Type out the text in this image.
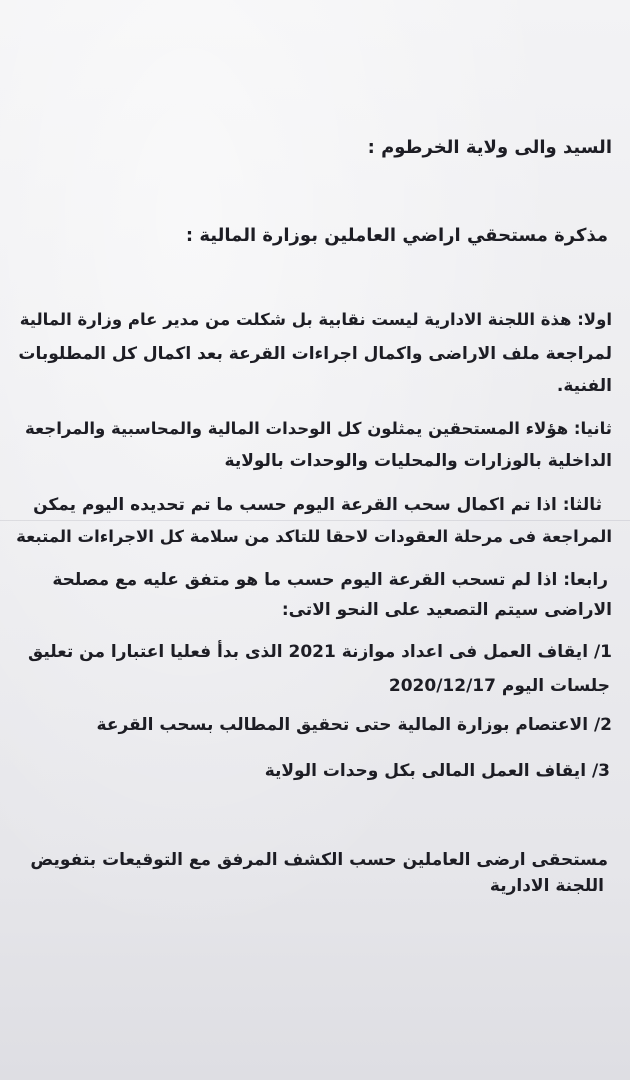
السيد والى ولاية الخرطوم :
مذكرة مستحقي اراضي العاملين بوزارة المالية :
اولا: هذة اللجنة الادارية ليست نقابية بل شكلت من مدير عام وزارة المالية
لمراجعة ملف الاراضى واكمال اجراءات القرعة بعد اكمال كل المطلوبات
الفنية.
ثانيا: هؤلاء المستحقين يمثلون كل الوحدات المالية والمحاسبية والمراجعة
الداخلية بالوزارات والمحليات والوحدات بالولاية
ثالثا: اذا تم اكمال سحب القرعة اليوم حسب ما تم تحديده اليوم يمكن
المراجعة فى مرحلة العقودات لاحقا للتاكد من سلامة كل الاجراءات المتبعة
رابعا: اذا لم تسحب القرعة اليوم حسب ما هو متفق عليه مع مصلحة
الاراضى سيتم التصعيد على النحو الاتى:
1/ ايقاف العمل فى اعداد موازنة 2021 الذى بدأ فعليا اعتبارا من تعليق
جلسات اليوم 2020/12/17
2/ الاعتصام بوزارة المالية حتى تحقيق المطالب بسحب القرعة
3/ ايقاف العمل المالى بكل وحدات الولاية
مستحقى ارضى العاملين حسب الكشف المرفق مع التوقيعات بتفويض
اللجنة الادارية
